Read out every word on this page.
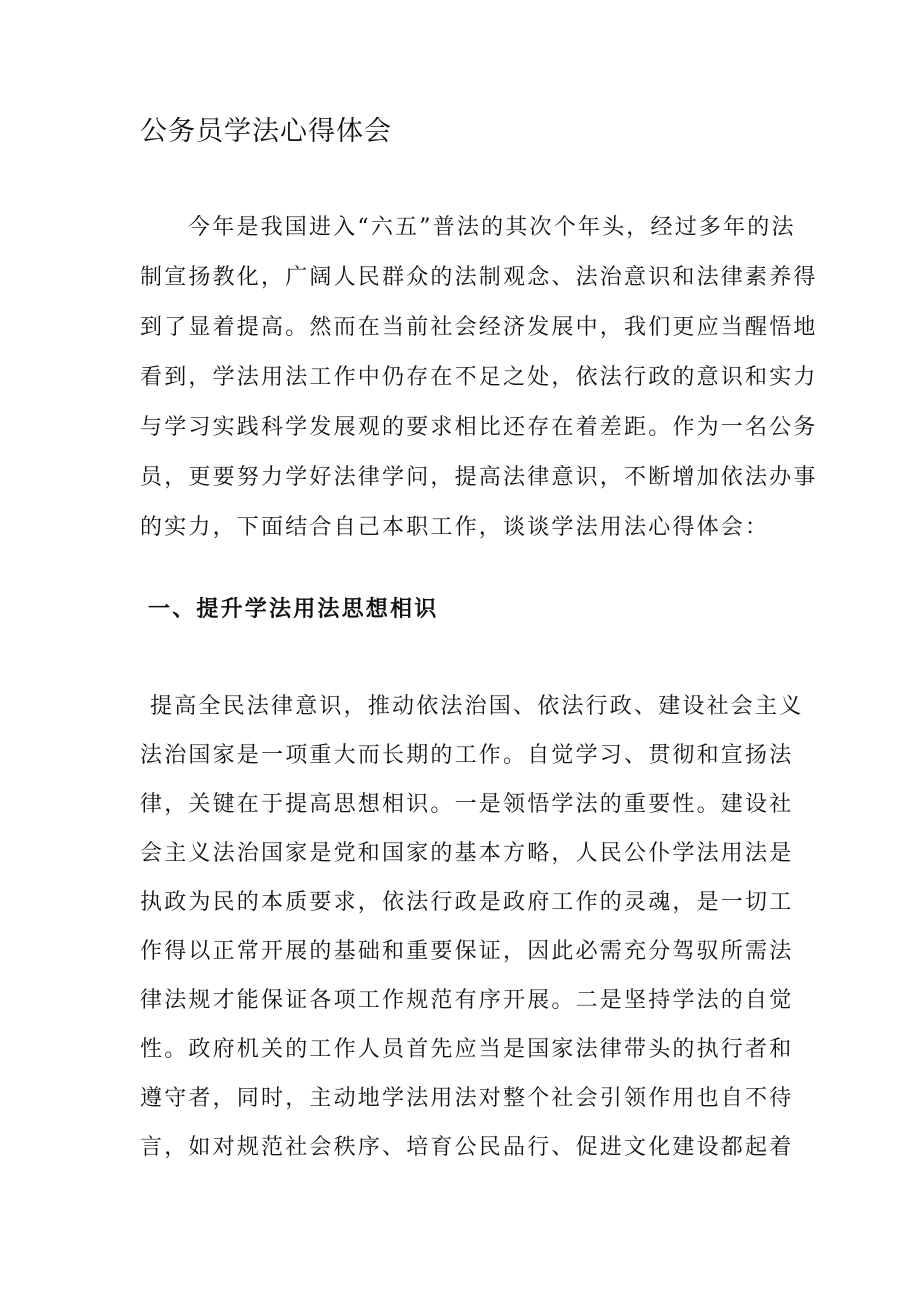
公务员学法心得体会

今年是我国进入“六五”普法的其次个年头，经过多年的法

制宣扬教化，广阔人民群众的法制观念、法治意识和法律素养得

到了显着提高。然而在当前社会经济发展中，我们更应当醒悟地

看到，学法用法工作中仍存在不足之处，依法行政的意识和实力

与学习实践科学发展观的要求相比还存在着差距。作为一名公务

员，更要努力学好法律学问，提高法律意识，不断增加依法办事

的实力，下面结合自己本职工作，谈谈学法用法心得体会：

一、提升学法用法思想相识

提高全民法律意识，推动依法治国、依法行政、建设社会主义

法治国家是一项重大而长期的工作。自觉学习、贯彻和宣扬法

律，关键在于提高思想相识。一是领悟学法的重要性。建设社

会主义法治国家是党和国家的基本方略，人民公仆学法用法是

执政为民的本质要求，依法行政是政府工作的灵魂，是一切工

作得以正常开展的基础和重要保证，因此必需充分驾驭所需法

律法规才能保证各项工作规范有序开展。二是坚持学法的自觉

性。政府机关的工作人员首先应当是国家法律带头的执行者和

遵守者，同时，主动地学法用法对整个社会引领作用也自不待

言，如对规范社会秩序、培育公民品行、促进文化建设都起着
